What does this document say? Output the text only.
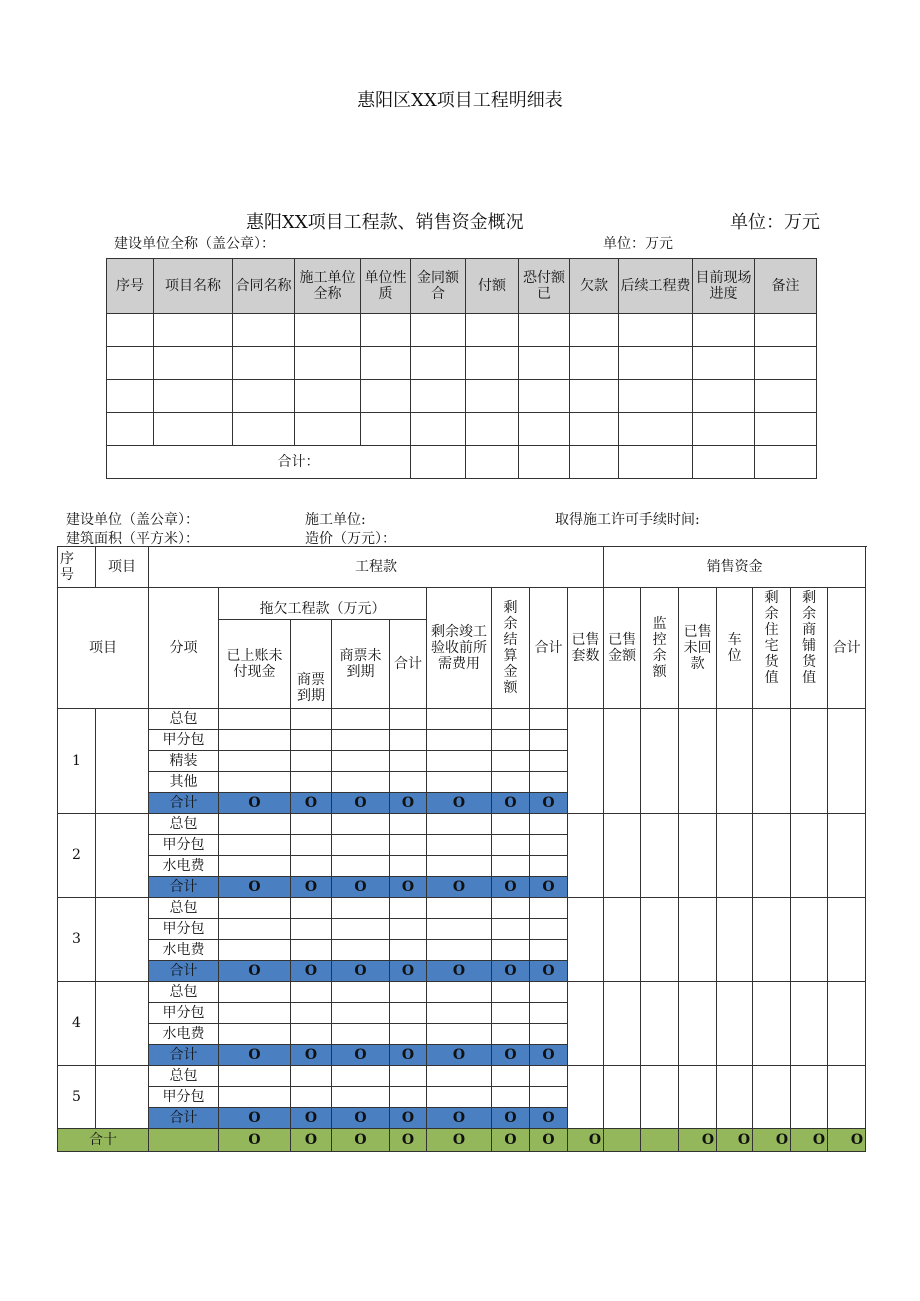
惠阳区XX项目工程明细表
惠阳XX项目工程款、销售资金概况	单位：万元
建设单位全称（盖公章）：	单位：万元
序号	项目名称	合同名称	施工单位全称	单位性质	金同额合	付额	恐付额已	欠款	后续工程费	目前现场进度	备注

合计：											
建设单位（盖公章）：	施工单位:	取得施工许可手续时间:
建筑面积（平方米）：	造价（万元）：
序号	项目	工程款									销售资金						
项目		分项	拖欠工程款（万元）				剩余竣工验收前所需费用	剩余结算金额	合计	已售套数	已售金额	监控余额	已售未回款	车位	剩余住宅货值	剩余商铺货值	合计
			已上账未付现金	商票到期	商票未到期	合计											
1		总包															
		甲分包															
		精装															
		其他															
		合计	O	O	O	O	O	O	O								
2		总包															
		甲分包															
		水电费															
		合计	O	O	O	O	O	O	O								
3		总包															
		甲分包															
		水电费															
		合计	O	O	O	O	O	O	O								
4		总包															
		甲分包															
		水电费															
		合计	O	O	O	O	O	O	O								
5		总包															
		甲分包															
		合计	O	O	O	O	O	O	O								
合十			O	O	O	O	O	O	O	O			O	O	O	O	O
